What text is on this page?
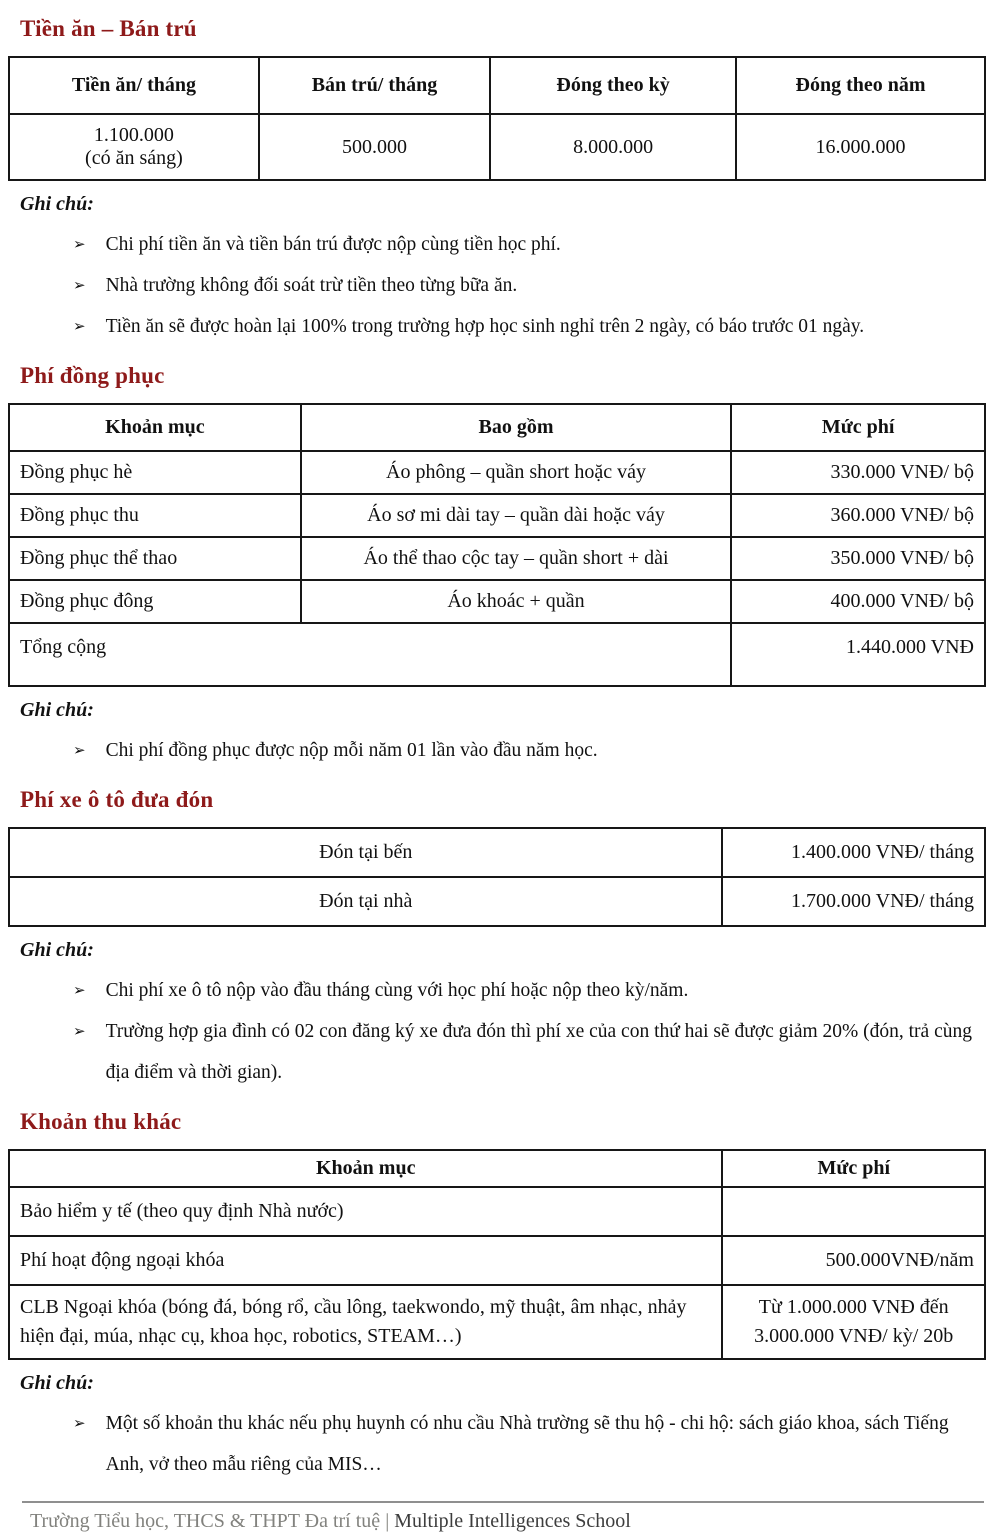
Tiền ăn – Bán trú
Tiền ăn/ tháng	Bán trú/ tháng	Đóng theo kỳ	Đóng theo năm

1.100.000
(có ăn sáng)	500.000	8.000.000	16.000.000
Ghi chú:
➢ Chi phí tiền ăn và tiền bán trú được nộp cùng tiền học phí.
➢ Nhà trường không đối soát trừ tiền theo từng bữa ăn.
➢ Tiền ăn sẽ được hoàn lại 100% trong trường hợp học sinh nghỉ trên 2 ngày, có báo trước 01 ngày.
Phí đồng phục
Khoản mục	Bao gồm	Mức phí
Đồng phục hè	Áo phông – quần short hoặc váy	330.000 VNĐ/ bộ
Đồng phục thu	Áo sơ mi dài tay – quần dài hoặc váy	360.000 VNĐ/ bộ
Đồng phục thể thao	Áo thể thao cộc tay – quần short + dài	350.000 VNĐ/ bộ
Đồng phục đông	Áo khoác + quần	400.000 VNĐ/ bộ
Tổng cộng		1.440.000 VNĐ
Ghi chú:
➢ Chi phí đồng phục được nộp mỗi năm 01 lần vào đầu năm học.
Phí xe ô tô đưa đón
Đón tại bến	1.400.000 VNĐ/ tháng
Đón tại nhà	1.700.000 VNĐ/ tháng
Ghi chú:
➢ Chi phí xe ô tô nộp vào đầu tháng cùng với học phí hoặc nộp theo kỳ/năm.
➢ Trường hợp gia đình có 02 con đăng ký xe đưa đón thì phí xe của con thứ hai sẽ được giảm 20% (đón, trả cùng địa điểm và thời gian).
Khoản thu khác
Khoản mục	Mức phí
Bảo hiểm y tế (theo quy định Nhà nước)	
Phí hoạt động ngoại khóa	500.000VNĐ/năm
CLB Ngoại khóa (bóng đá, bóng rổ, cầu lông, taekwondo, mỹ thuật, âm nhạc, nhảy hiện đại, múa, nhạc cụ, khoa học, robotics, STEAM…)	Từ 1.000.000 VNĐ đến 3.000.000 VNĐ/ kỳ/ 20b
Ghi chú:
➢ Một số khoản thu khác nếu phụ huynh có nhu cầu Nhà trường sẽ thu hộ - chi hộ: sách giáo khoa, sách Tiếng Anh, vở theo mẫu riêng của MIS…
Trường Tiểu học, THCS & THPT Đa trí tuệ | Multiple Intelligences School
